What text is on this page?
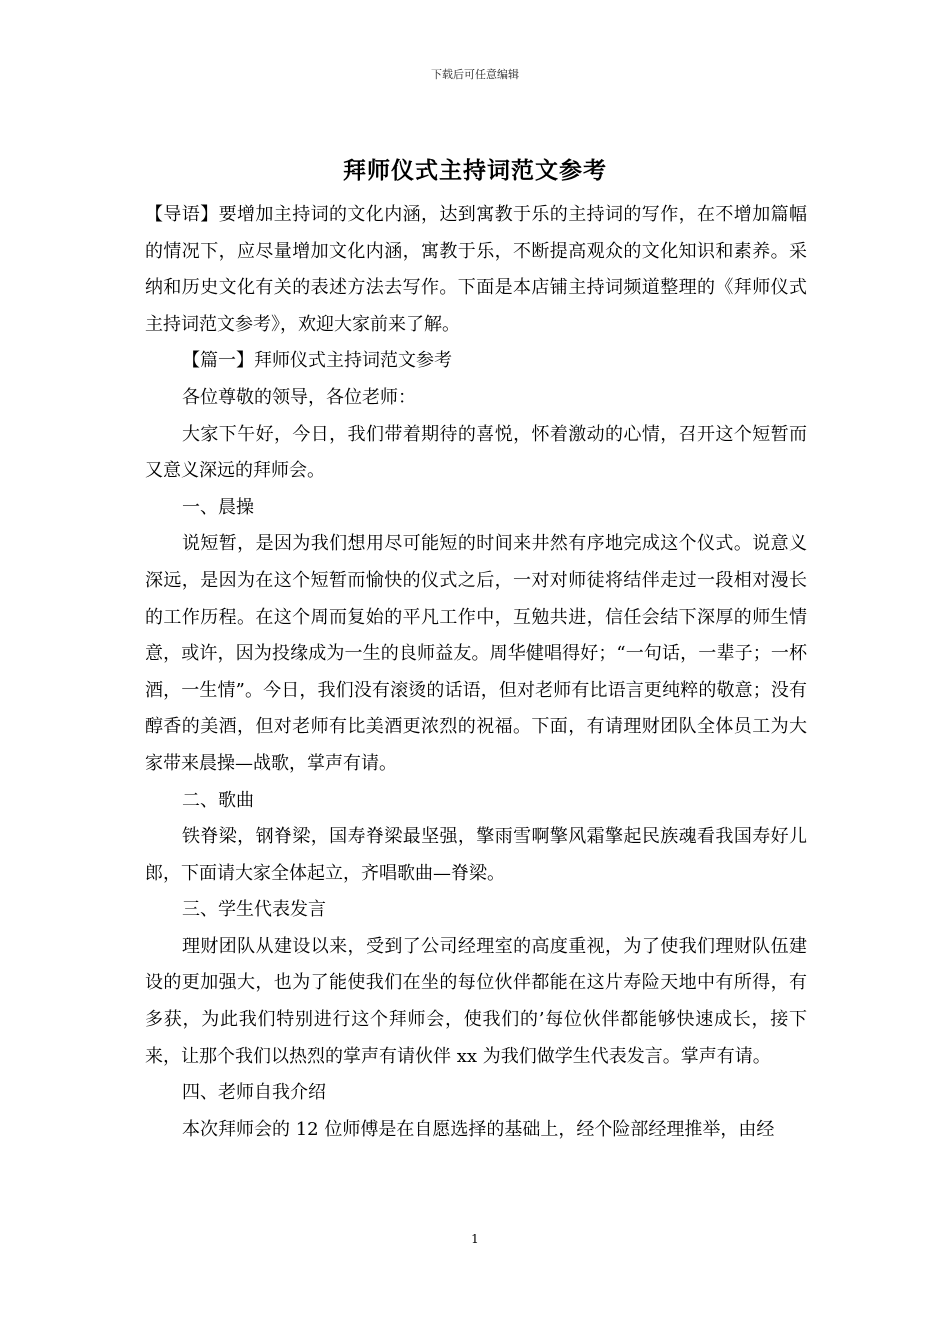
下载后可任意编辑
拜师仪式主持词范文参考

【导语】要增加主持词的文化内涵，达到寓教于乐的主持词的写作，在不增加篇幅的情况下，应尽量增加文化内涵，寓教于乐，不断提高观众的文化知识和素养。采纳和历史文化有关的表述方法去写作。下面是本店铺主持词频道整理的《拜师仪式主持词范文参考》，欢迎大家前来了解。

【篇一】拜师仪式主持词范文参考

各位尊敬的领导，各位老师：

大家下午好，今日，我们带着期待的喜悦，怀着激动的心情，召开这个短暂而又意义深远的拜师会。

一、晨操

说短暂，是因为我们想用尽可能短的时间来井然有序地完成这个仪式。说意义深远，是因为在这个短暂而愉快的仪式之后，一对对师徒将结伴走过一段相对漫长的工作历程。在这个周而复始的平凡工作中，互勉共进，信任会结下深厚的师生情意，或许，因为投缘成为一生的良师益友。周华健唱得好；“一句话，一辈子；一杯酒，一生情”。今日，我们没有滚烫的话语，但对老师有比语言更纯粹的敬意；没有醇香的美酒，但对老师有比美酒更浓烈的祝福。下面，有请理财团队全体员工为大家带来晨操—战歌，掌声有请。

二、歌曲

铁脊梁，钢脊梁，国寿脊梁最坚强，擎雨雪啊擎风霜擎起民族魂看我国寿好儿郎，下面请大家全体起立，齐唱歌曲—脊梁。

三、学生代表发言

理财团队从建设以来，受到了公司经理室的高度重视，为了使我们理财队伍建设的更加强大，也为了能使我们在坐的每位伙伴都能在这片寿险天地中有所得，有多获，为此我们特别进行这个拜师会，使我们的’每位伙伴都能够快速成长，接下来，让那个我们以热烈的掌声有请伙伴 xx 为我们做学生代表发言。掌声有请。

四、老师自我介绍

本次拜师会的 12 位师傅是在自愿选择的基础上，经个险部经理推举，由经

1
